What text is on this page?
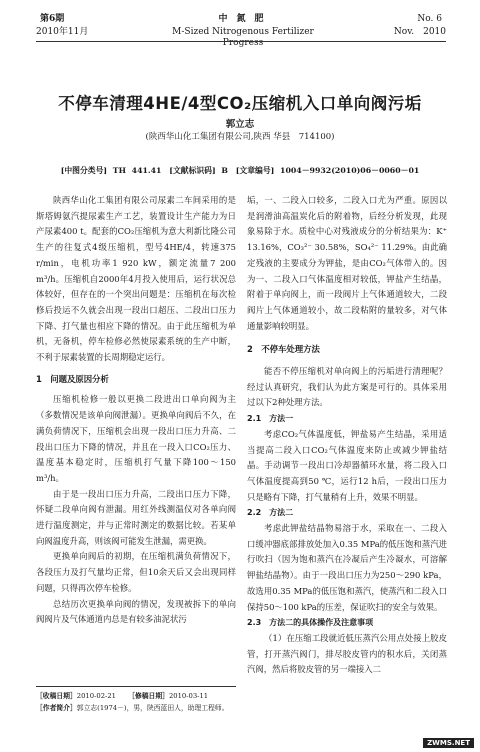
第6期	中　氮　肥	No. 6
2010年11月	M-Sized Nitrogenous Fertilizer Progress
Nov.　2010
不停车清理4HE/4型CO₂压缩机入口单向阀污垢
郭立志
(陕西华山化工集团有限公司,陕西 华县　714100)
[中图分类号] TH 441.41　[文献标识码] B　[文章编号] 1004－9932(2010)06－0060－01

陕西华山化工集团有限公司尿素二车间采用的是斯塔姆氨汽提尿素生产工艺，装置设计生产能力为日产尿素400 t。配套的CO₂压缩机为意大利新比隆公司生产的往复式4级压缩机，型号4HE/4，转速375 r/min，电机功率1 920 kW，额定流量7 200 m³/h。压缩机自2000年4月投入使用后，运行状况总体较好，但存在的一个突出问题是：压缩机在每次检修后投运不久就会出现一段出口超压、二段出口压力下降、打气量也相应下降的情况。由于此压缩机为单机，无备机，停车检修必然使尿素系统的生产中断，不利于尿素装置的长周期稳定运行。

1　问题及原因分析

压缩机检修一般以更换二段进出口单向阀为主（多数情况是该单向阀泄漏）。更换单向阀后不久，在满负荷情况下，压缩机会出现一段出口压力升高、二段出口压力下降的情况，并且在一段入口CO₂压力、温度基本稳定时，压缩机打气量下降100～150 m³/h。

由于是一段出口压力升高，二段出口压力下降，怀疑二段单向阀有泄漏。用红外线测温仪对各单向阀进行温度测定，并与正常时测定的数据比较。若某单向阀温度升高，则该阀可能发生泄漏，需更换。

更换单向阀后的初期，在压缩机满负荷情况下，各段压力及打气量均正常，但10余天后又会出现同样问题，只得再次停车检修。

总结历次更换单向阀的情况，发现被拆下的单向阀阀片及气体通道内总是有较多油泥状污

垢，一、二段入口较多，二段入口尤为严重。原因以是润滑油高温炭化后的附着物，后经分析发现，此现象易除于水。质检中心对残液成分的分析结果为：K⁺ 13.16%，CO₃²⁻ 30.58%，SO₄²⁻ 11.29%。由此确定残液的主要成分为钾盐，是由CO₂气体带入的。因为一、二段入口气体温度相对较低，钾盐产生结晶，附着于单向阀上，而一段阀片上气体通道较大，二段阀片上气体通道较小，故二段粘附的量较多，对气体通量影响较明显。

2　不停车处理方法

能否不停压缩机对单向阀上的污垢进行清理呢？经过认真研究，我们认为此方案是可行的。具体采用过以下2种处理方法。

2.1　方法一

考虑CO₂气体温度低，钾盐易产生结晶，采用适当提高二段入口CO₂气体温度来防止或减少钾盐结晶。手动调节一段出口冷却器循环水量，将二段入口气体温度提高到50 ℃，运行12 h后，一段出口压力只是略有下降，打气量稍有上升，效果不明显。

2.2　方法二

考虑此钾盐结晶物易溶于水，采取在一、二段入口缓冲器底部排放处加入0.35 MPa的低压饱和蒸汽进行吹扫（因为饱和蒸汽在冷凝后产生冷凝水，可溶解钾盐结晶物）。由于一段出口压力为250～290 kPa，故选用0.35 MPa的低压饱和蒸汽，使蒸汽和二段入口保持50～100 kPa的压差，保证吹扫的安全与效果。

2.3　方法二的具体操作及注意事项

（1）在压缩工段就近低压蒸汽公用点处接上胶皮管，打开蒸汽阀门，排尽胶皮管内的积水后，关闭蒸汽阀，然后将胶皮管的另一端接入二

［收稿日期］2010-02-21 ［修稿日期］2010-03-11
［作者简介］郭立志(1974－)，男，陕西蓝田人，助理工程师。
ZWMS.NET
